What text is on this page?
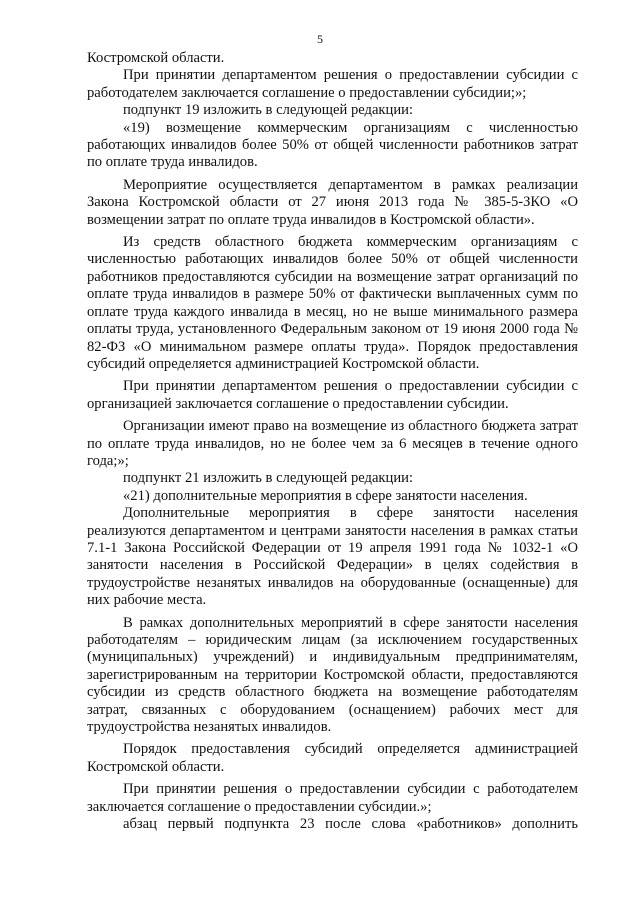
5

Костромской области.

При принятии департаментом решения о предоставлении субсидии с работодателем заключается соглашение о предоставлении субсидии;»;

подпункт 19 изложить в следующей редакции:

«19) возмещение коммерческим организациям с численностью работающих инвалидов более 50% от общей численности работников затрат по оплате труда инвалидов.

Мероприятие осуществляется департаментом в рамках реализации Закона Костромской области от 27 июня 2013 года № 385-5-ЗКО «О возмещении затрат по оплате труда инвалидов в Костромской области».

Из средств областного бюджета коммерческим организациям с численностью работающих инвалидов более 50% от общей численности работников предоставляются субсидии на возмещение затрат организаций по оплате труда инвалидов в размере 50% от фактически выплаченных сумм по оплате труда каждого инвалида в месяц, но не выше минимального размера оплаты труда, установленного Федеральным законом от 19 июня 2000 года № 82-ФЗ «О минимальном размере оплаты труда». Порядок предоставления субсидий определяется администрацией Костромской области.

При принятии департаментом решения о предоставлении субсидии с организацией заключается соглашение о предоставлении субсидии.

Организации имеют право на возмещение из областного бюджета затрат по оплате труда инвалидов, но не более чем за 6 месяцев в течение одного года;»;

подпункт 21 изложить в следующей редакции:

«21) дополнительные мероприятия в сфере занятости населения.

Дополнительные мероприятия в сфере занятости населения реализуются департаментом и центрами занятости населения в рамках статьи 7.1-1 Закона Российской Федерации от 19 апреля 1991 года № 1032-1 «О занятости населения в Российской Федерации» в целях содействия в трудоустройстве незанятых инвалидов на оборудованные (оснащенные) для них рабочие места.

В рамках дополнительных мероприятий в сфере занятости населения работодателям – юридическим лицам (за исключением государственных (муниципальных) учреждений) и индивидуальным предпринимателям, зарегистрированным на территории Костромской области, предоставляются субсидии из средств областного бюджета на возмещение работодателям затрат, связанных с оборудованием (оснащением) рабочих мест для трудоустройства незанятых инвалидов.

Порядок предоставления субсидий определяется администрацией Костромской области.

При принятии решения о предоставлении субсидии с работодателем заключается соглашение о предоставлении субсидии.»;

абзац первый подпункта 23 после слова «работников» дополнить
